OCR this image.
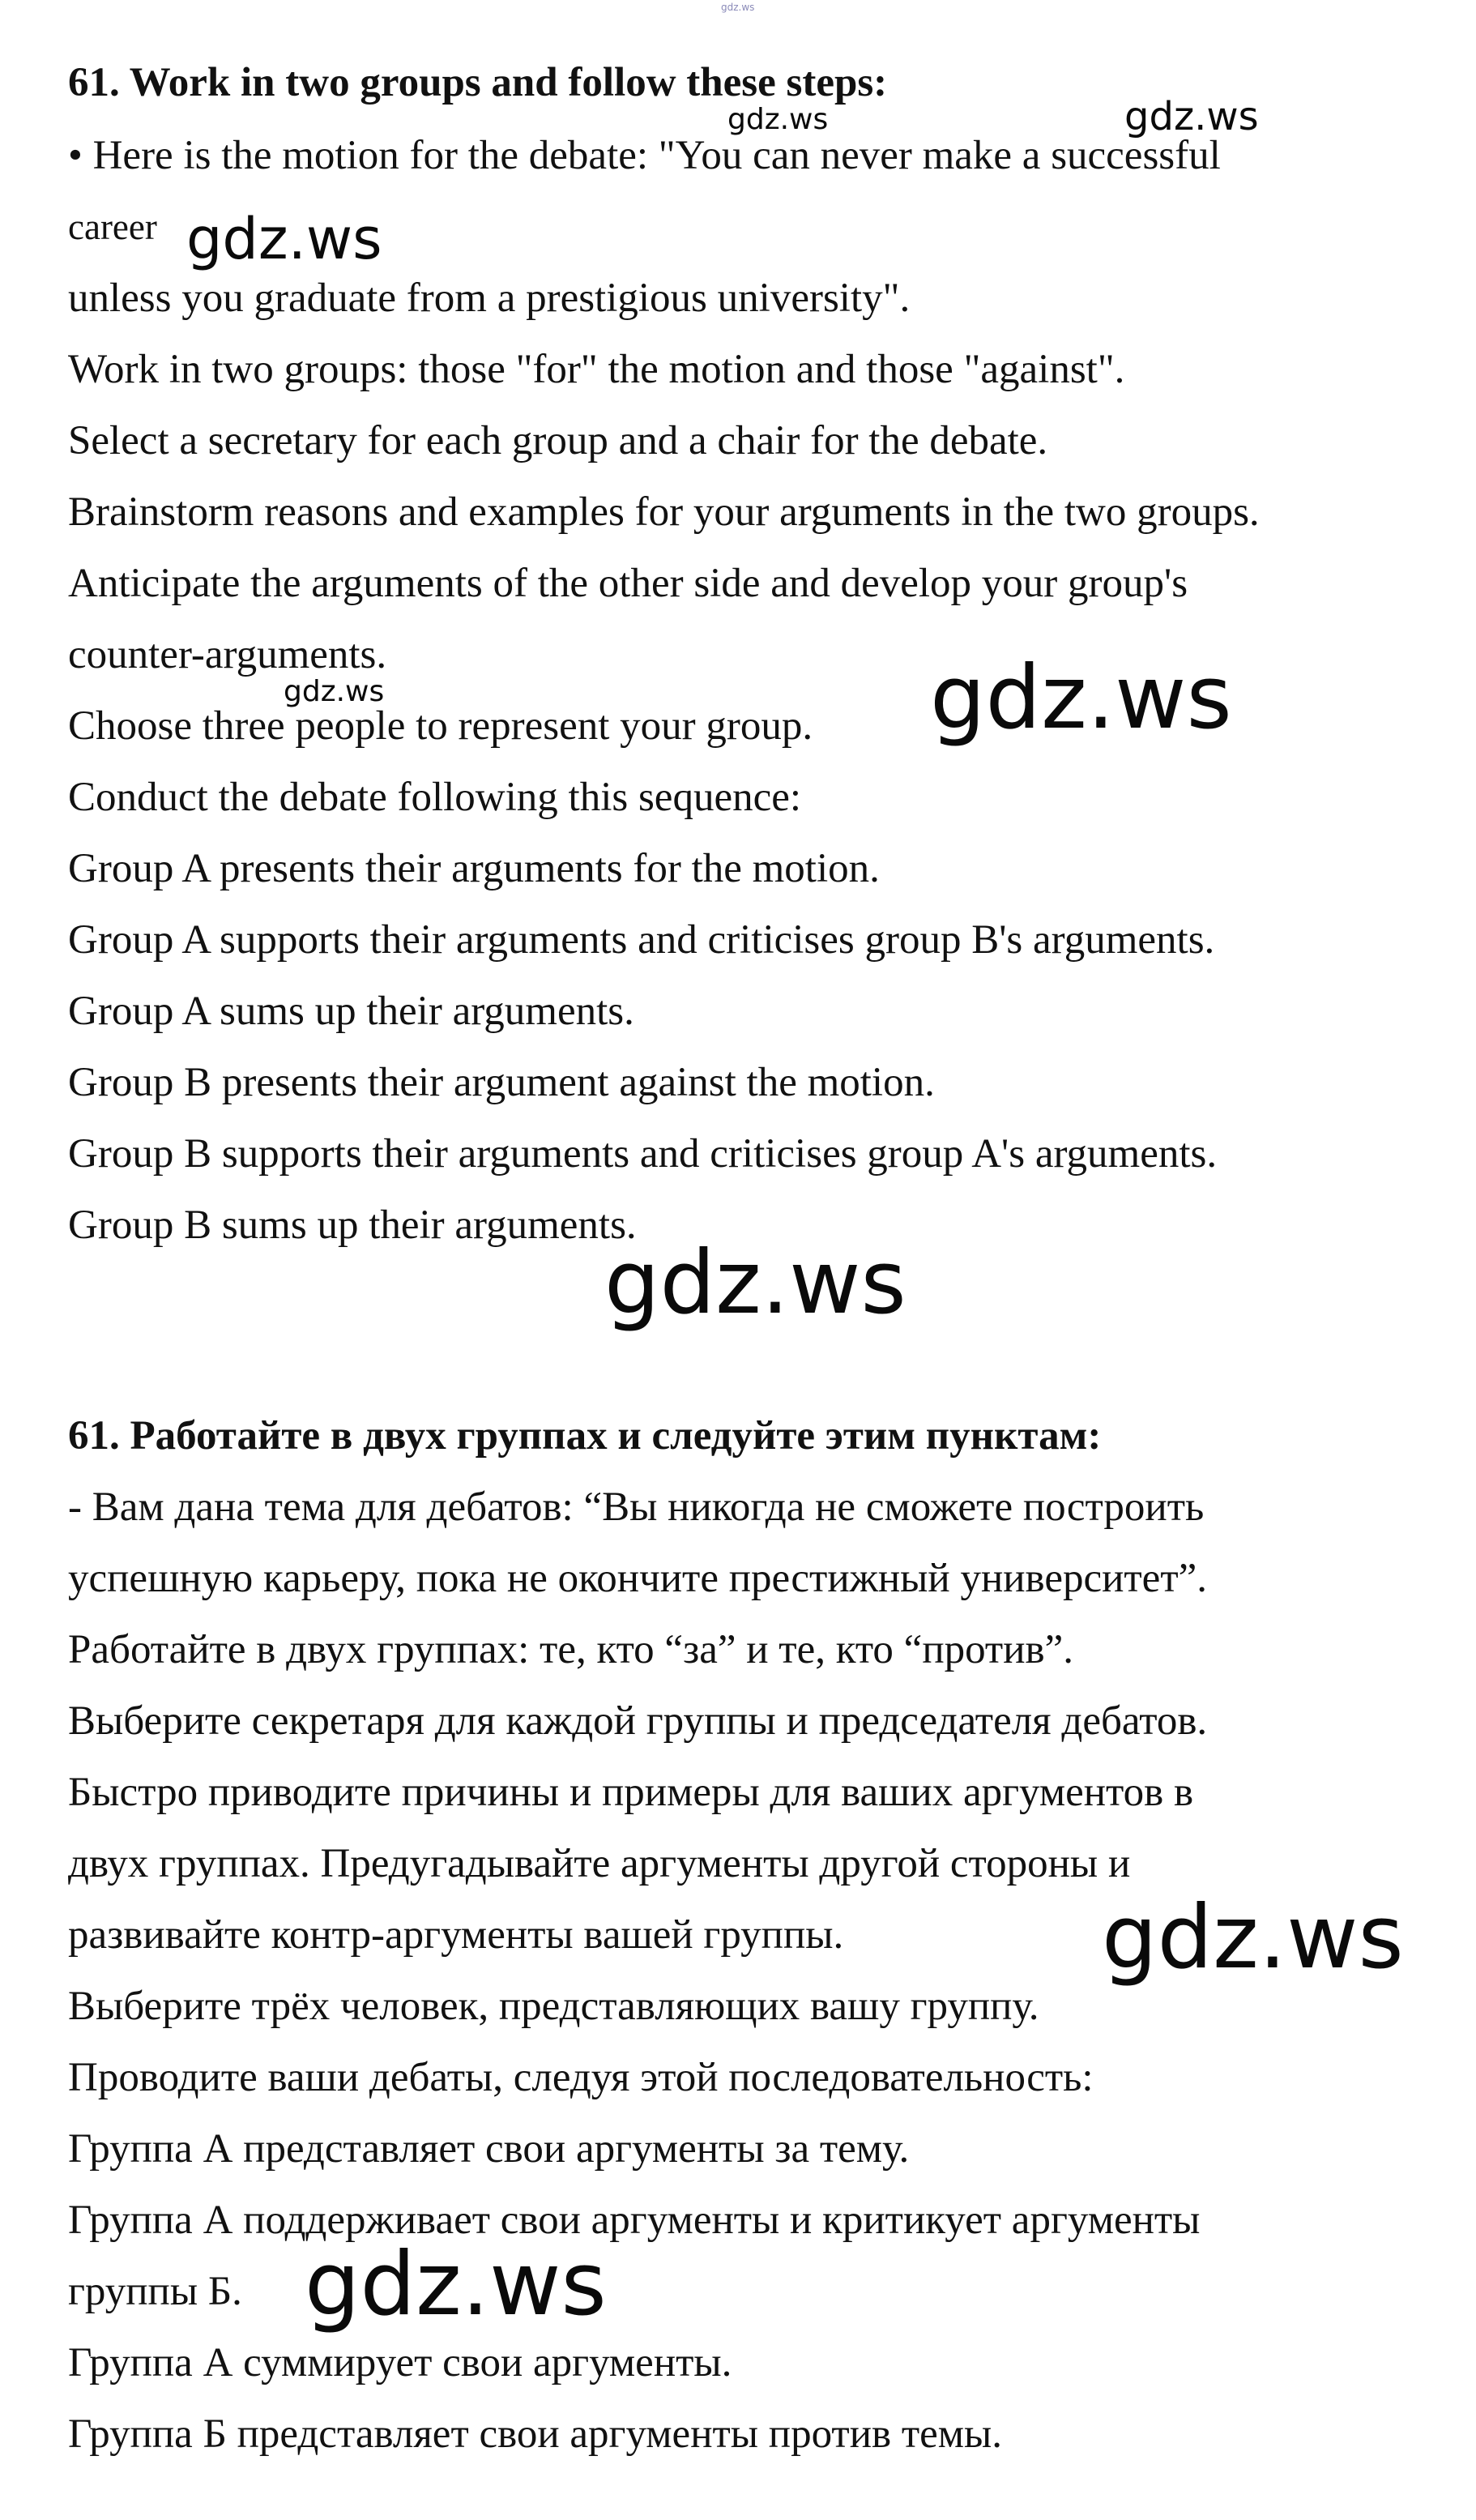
gdz.ws
61. Work in two groups and follow these steps:
• Here is the motion for the debate: "You can never make a successful
career
unless you graduate from a prestigious university".
Work in two groups: those "for" the motion and those "against".
Select a secretary for each group and a chair for the debate.
Brainstorm reasons and examples for your arguments in the two groups.
Anticipate the arguments of the other side and develop your group's
counter-arguments.
Choose three people to represent your group.
Conduct the debate following this sequence:
Group A presents their arguments for the motion.
Group A supports their arguments and criticises group B's arguments.
Group A sums up their arguments.
Group B presents their argument against the motion.
Group B supports their arguments and criticises group A's arguments.
Group B sums up their arguments.
61. Работайте в двух группах и следуйте этим пунктам:
- Вам дана тема для дебатов: “Вы никогда не сможете построить
успешную карьеру, пока не окончите престижный университет”.
Работайте в двух группах: те, кто “за” и те, кто “против”.
Выберите секретаря для каждой группы и председателя дебатов.
Быстро приводите причины и примеры для ваших аргументов в
двух группах. Предугадывайте аргументы другой стороны и
развивайте контр-аргументы вашей группы.
Выберите трёх человек, представляющих вашу группу.
Проводите ваши дебаты, следуя этой последовательность:
Группа А представляет свои аргументы за тему.
Группа А поддерживает свои аргументы и критикует аргументы
группы Б.
Группа А суммирует свои аргументы.
Группа Б представляет свои аргументы против темы.
gdz.ws	gdz.ws
gdz.ws
gdz.ws	gdz.ws
gdz.ws
gdz.ws
gdz.ws
